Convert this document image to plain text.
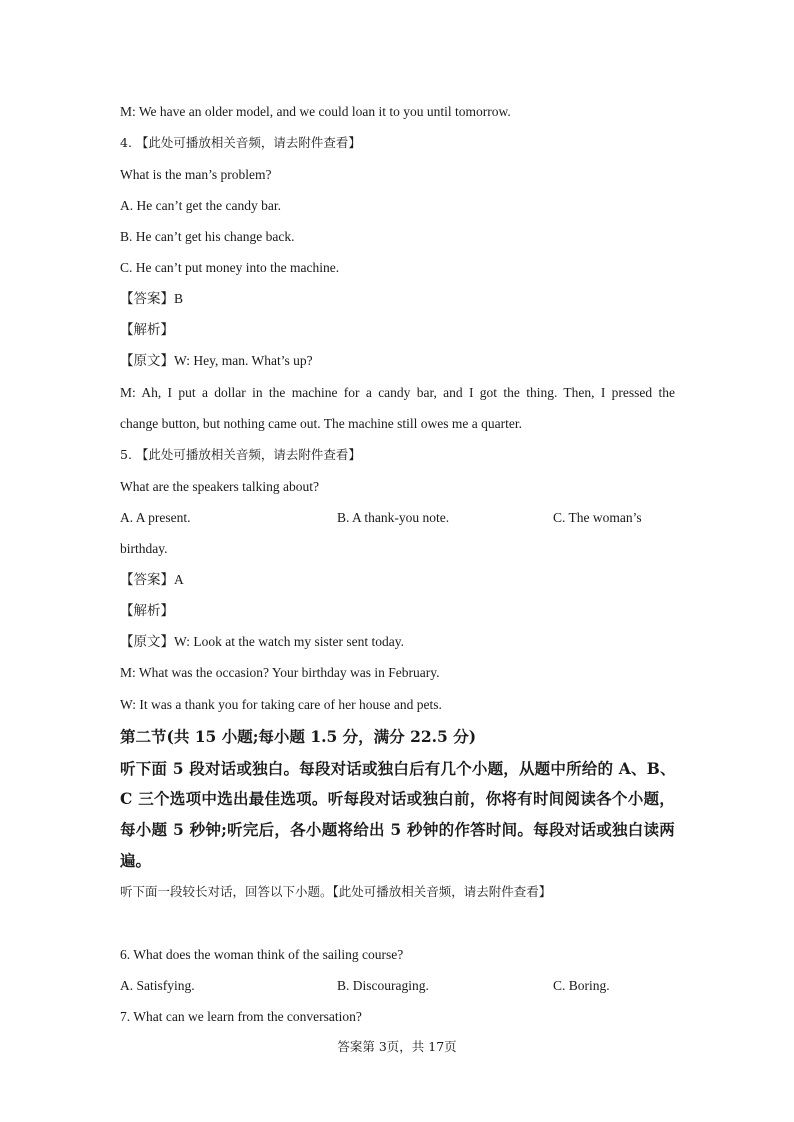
M: We have an older model, and we could loan it to you until tomorrow.
4. 【此处可播放相关音频，请去附件查看】
What is the man’s problem?
A. He can’t get the candy bar.
B. He can’t get his change back.
C. He can’t put money into the machine.
【答案】B
【解析】
【原文】W: Hey, man. What’s up?
M: Ah, I put a dollar in the machine for a candy bar, and I got the thing. Then, I pressed the
change button, but nothing came out. The machine still owes me a quarter.
5. 【此处可播放相关音频，请去附件查看】
What are the speakers talking about?
A. A present.	B. A thank-you note.	C. The woman’s
birthday.
【答案】A
【解析】
【原文】W: Look at the watch my sister sent today.
M: What was the occasion? Your birthday was in February.
W: It was a thank you for taking care of her house and pets.
第二节(共 15 小题;每小题 1.5 分，满分 22.5 分)
听下面 5 段对话或独白。每段对话或独白后有几个小题，从题中所给的 A、B、
C 三个选项中选出最佳选项。听每段对话或独白前，你将有时间阅读各个小题，
每小题 5 秒钟;听完后，各小题将给出 5 秒钟的作答时间。每段对话或独白读两
遍。
听下面一段较长对话，回答以下小题。【此处可播放相关音频，请去附件查看】
6. What does the woman think of the sailing course?
A. Satisfying.	B. Discouraging.	C. Boring.
7. What can we learn from the conversation?
答案第 3页，共 17页
